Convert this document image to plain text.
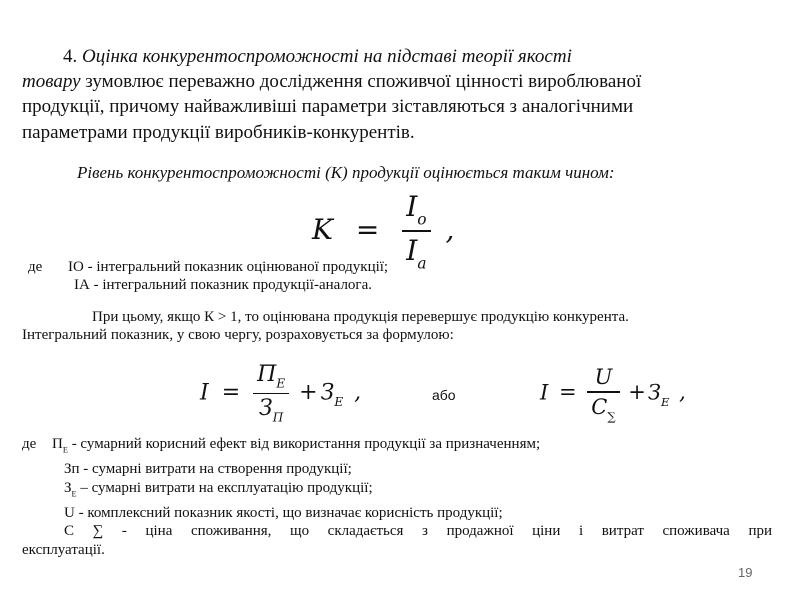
4. Оцінка конкурентоспроможності на підставі теорії якості
товару зумовлює переважно дослідження споживчої цінності вироблюваної
продукції, причому найважливіші параметри зіставляються з аналогічними
параметрами продукції виробників-конкурентів.
Рівень конкурентоспроможності (К) продукції оцінюється таким чином:
$K = \frac{I_o}{I_a}$ ,
де ІО - інтегральний показник оцінюваної продукції;
ІА - інтегральний показник продукції-аналога.
При цьому, якщо К > 1, то оцінювана продукція перевершує продукцію конкурента.
Інтегральний показник, у свою чергу, розраховується за формулою:
$I = \frac{П_Е}{З_П} + З_Е$ ,	або	$I = \frac{U}{C_\sum} +З_Е$ ,
де $П_Е$ - сумарний корисний ефект від використання продукції за призначенням;
Зп - сумарні витрати на створення продукції;
$З_Е$ – сумарні витрати на експлуатацію продукції;
U - комплексний показник якості, що визначає корисність продукції;
С ∑ - ціна споживання, що складається з продажної ціни і витрат споживача при
експлуатації.
19
